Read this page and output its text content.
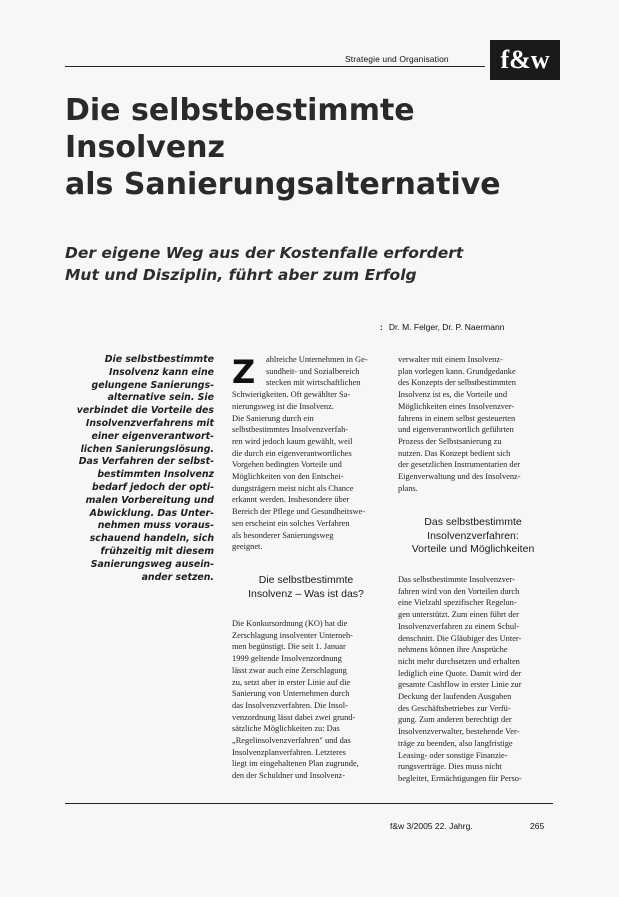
Strategie und Organisation	f&w
Die selbstbestimmte
Insolvenz
als Sanierungsalternative
Der eigene Weg aus der Kostenfalle erfordert
Mut und Disziplin, führt aber zum Erfolg
: Dr. M. Felger, Dr. P. Naermann
Die selbstbestimmte
Insolvenz kann eine
gelungene Sanierungs-
alternative sein. Sie
verbindet die Vorteile des
Insolvenzverfahrens mit
einer eigenverantwort-
lichen Sanierungslösung.
Das Verfahren der selbst-
bestimmten Insolvenz
bedarf jedoch der opti-
malen Vorbereitung und
Abwicklung. Das Unter-
nehmen muss voraus-
schauend handeln, sich
frühzeitig mit diesem
Sanierungsweg ausein-
ander setzen.
Z	ahlreiche Unternehmen in Ge-
sundheit- und Sozialbereich
stecken mit wirtschaftlichen
Schwierigkeiten. Oft gewählter Sa-
nierungsweg ist die Insolvenz.
Die Sanierung durch ein
selbstbestimmtes Insolvenzverfah-
ren wird jedoch kaum gewählt, weil
die durch ein eigenverantwortliches
Vorgehen bedingten Vorteile und
Möglichkeiten von den Entschei-
dungsträgern meist nicht als Chance
erkannt werden. Insbesondere über
Bereich der Pflege und Gesundheitswe-
sen erscheint ein solches Verfahren
als besonderer Sanierungsweg
geeignet.
Die selbstbestimmte
Insolvenz – Was ist das?
Die Konkursordnung (KO) hat die
Zerschlagung insolventer Unterneh-
men begünstigt. Die seit 1. Januar
1999 geltende Insolvenzordnung
lässt zwar auch eine Zerschlagung
zu, setzt aber in erster Linie auf die
Sanierung von Unternehmen durch
das Insolvenzverfahren. Die Insol-
venzordnung lässt dabei zwei grund-
sätzliche Möglichkeiten zu: Das
„Regelinsolvenzverfahren" und das
Insolvenzplanverfahren. Letzteres
liegt im eingehaltenen Plan zugrunde,
den der Schuldner und Insolvenz-
verwalter mit einem Insolvenz-
plan vorlegen kann. Grundgedanke
des Konzepts der selbstbestimmten
Insolvenz ist es, die Vorteile und
Möglichkeiten eines Insolvenzver-
fahrens in einem selbst gesteuerten
und eigenverantwortlich geführten
Prozess der Selbstsanierung zu
nutzen. Das Konzept bedient sich
der gesetzlichen Instrumentarien der
Eigenverwaltung und des Insolvenz-
plans.
Das selbstbestimmte
Insolvenzverfahren:
Vorteile und Möglichkeiten
Das selbstbestimmte Insolvenzver-
fahren wird von den Vorteilen durch
eine Vielzahl spezifischer Regelun-
gen unterstützt. Zum einen führt der
Insolvenzverfahren zu einem Schul-
denschnitt. Die Gläubiger des Unter-
nehmens können ihre Ansprüche
nicht mehr durchsetzen und erhalten
lediglich eine Quote. Damit wird der
gesamte Cashflow in erster Linie zur
Deckung der laufenden Ausgaben
des Geschäftsbetriebes zur Verfü-
gung. Zum anderen berechtigt der
Insolvenzverwalter, bestehende Ver-
träge zu beenden, also langfristige
Leasing- oder sonstige Finanzie-
rungsverträge. Dies muss nicht
begleitet, Ermächtigungen für Perso-
f&w 3/2005 22. Jahrg.	265
